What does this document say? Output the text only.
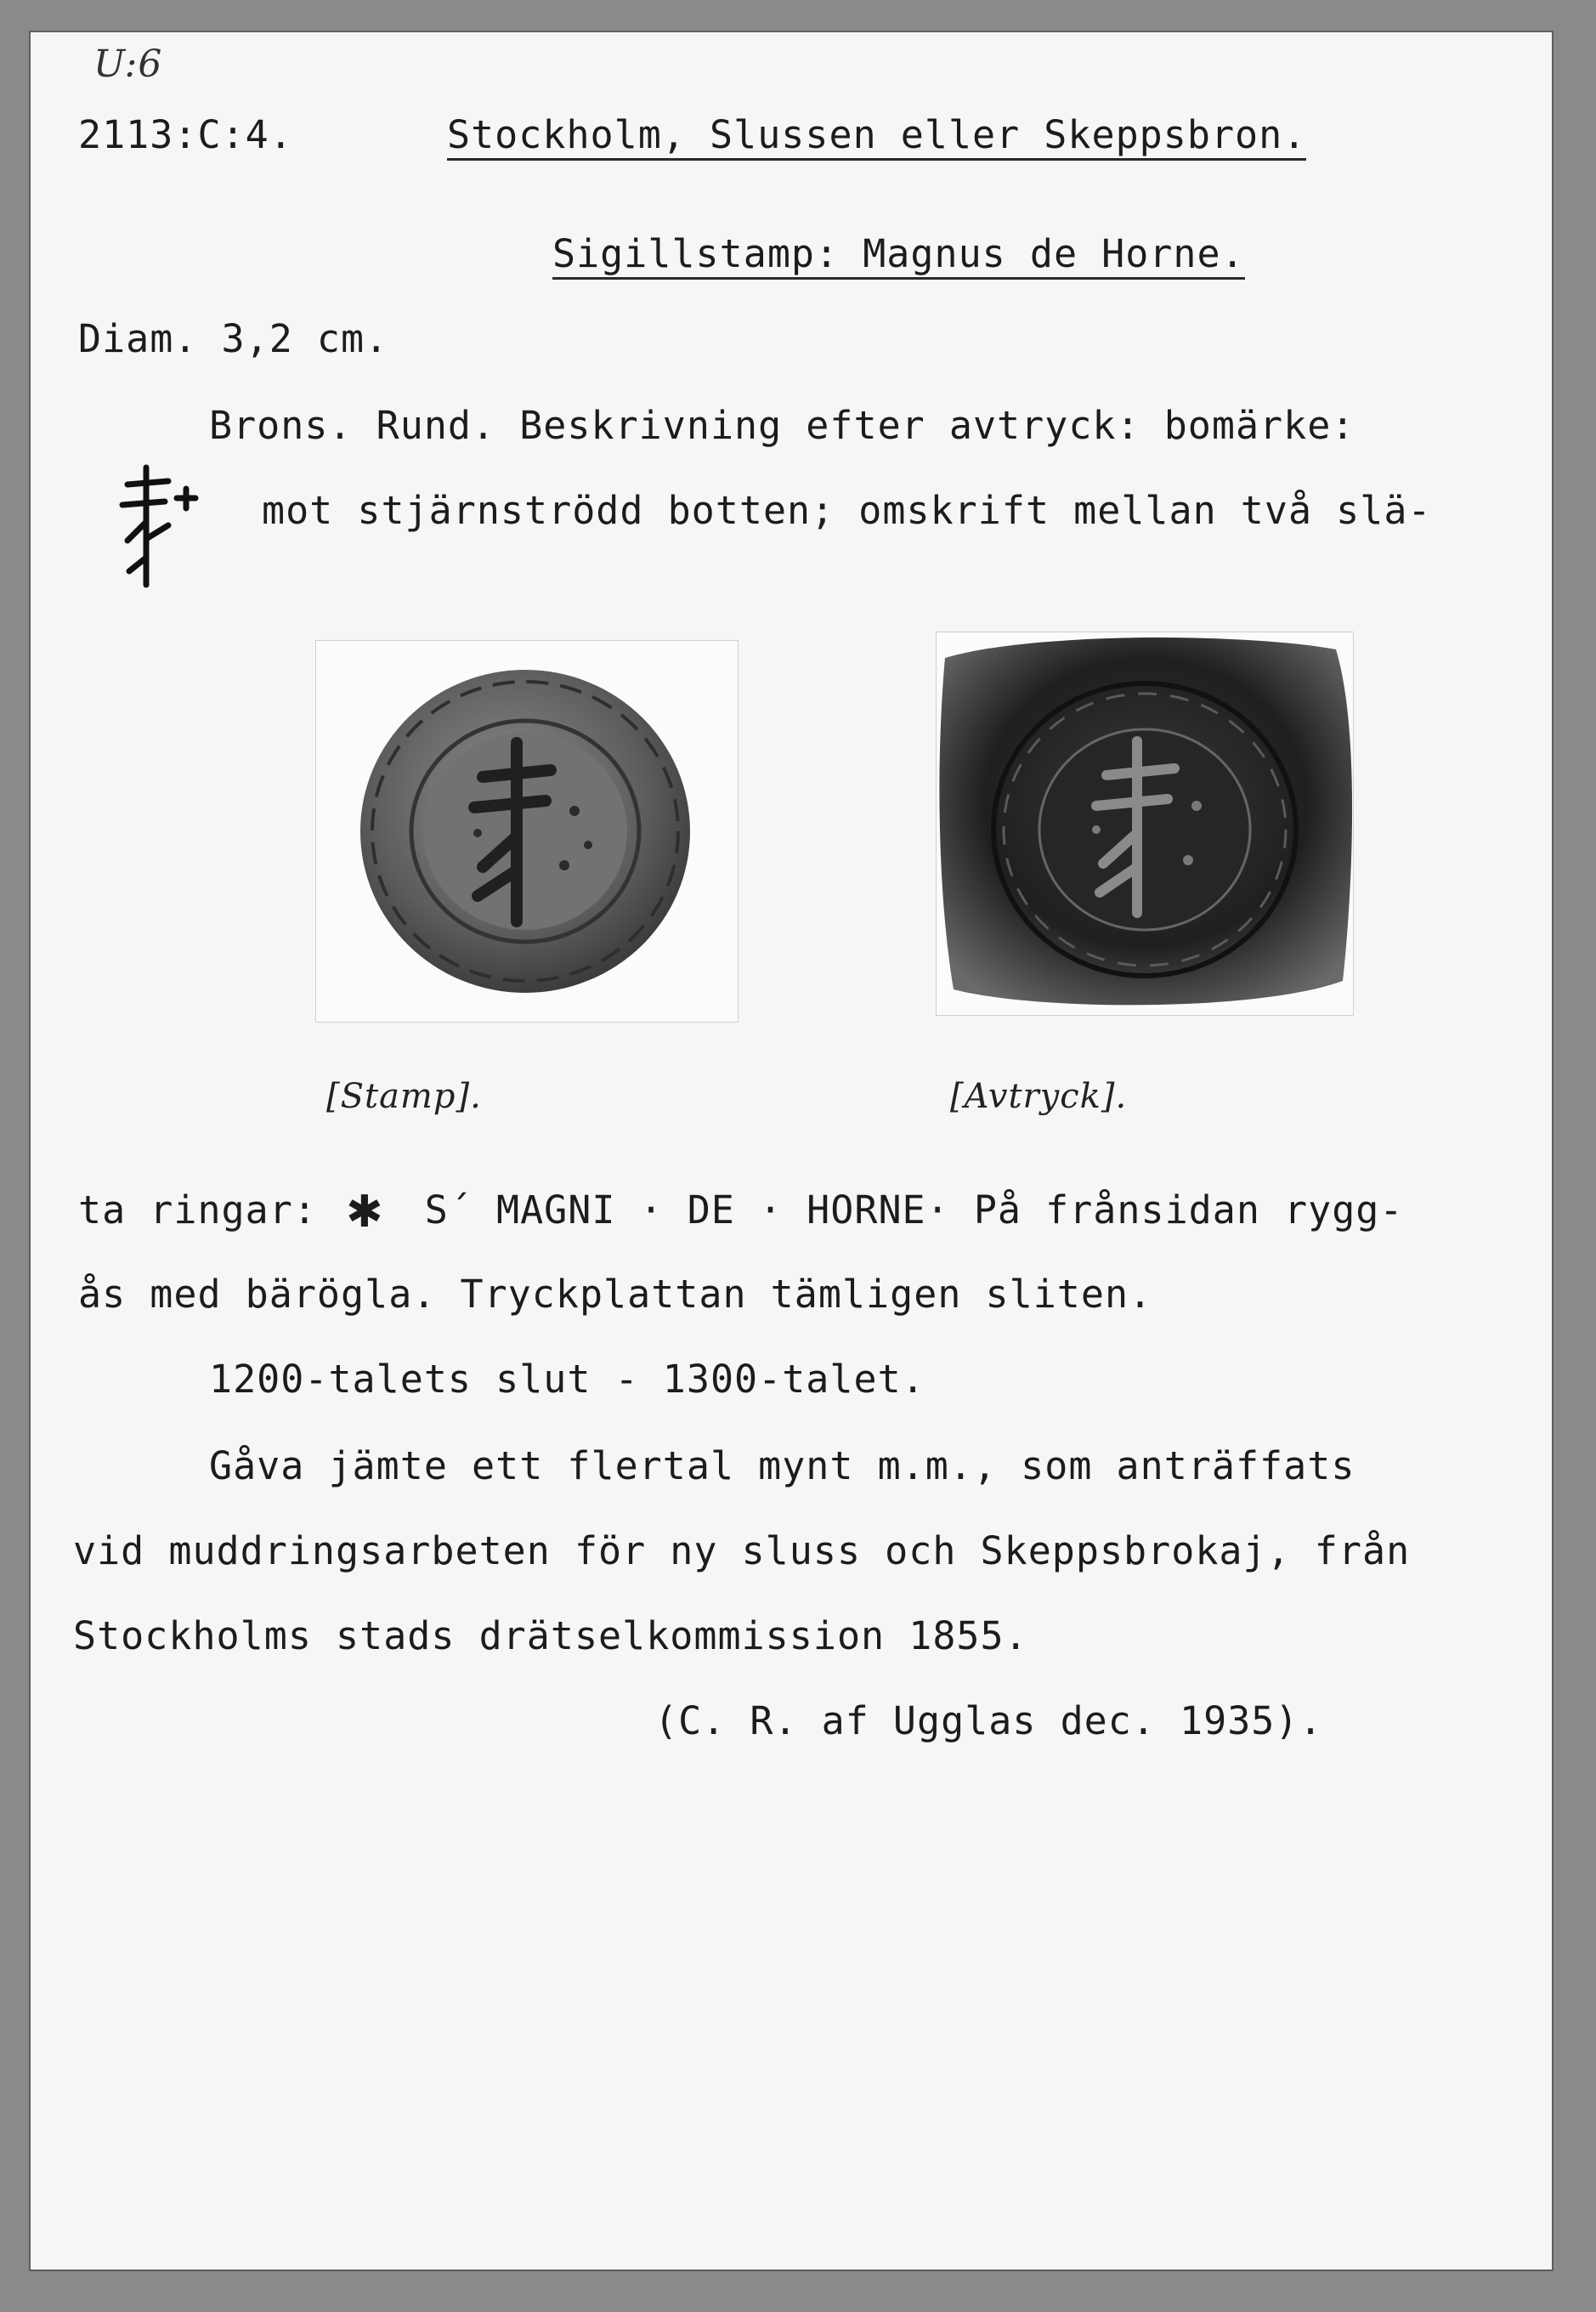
U:6
2113:C:4.	Stockholm, Slussen eller Skeppsbron.
Sigillstamp: Magnus de Horne.
Diam. 3,2 cm.
Brons. Rund. Beskrivning efter avtryck: bomärke:
mot stjärnströdd botten; omskrift mellan två slä-
[Stamp].	[Avtryck].
ta ringar: ✱ S´ MAGNI · DE · HORNE· På frånsidan rygg-
ås med bärögla. Tryckplattan tämligen sliten.
1200-talets slut - 1300-talet.
Gåva jämte ett flertal mynt m.m., som anträffats
vid muddringsarbeten för ny sluss och Skeppsbrokaj, från
Stockholms stads drätselkommission 1855.
(C. R. af Ugglas dec. 1935).
